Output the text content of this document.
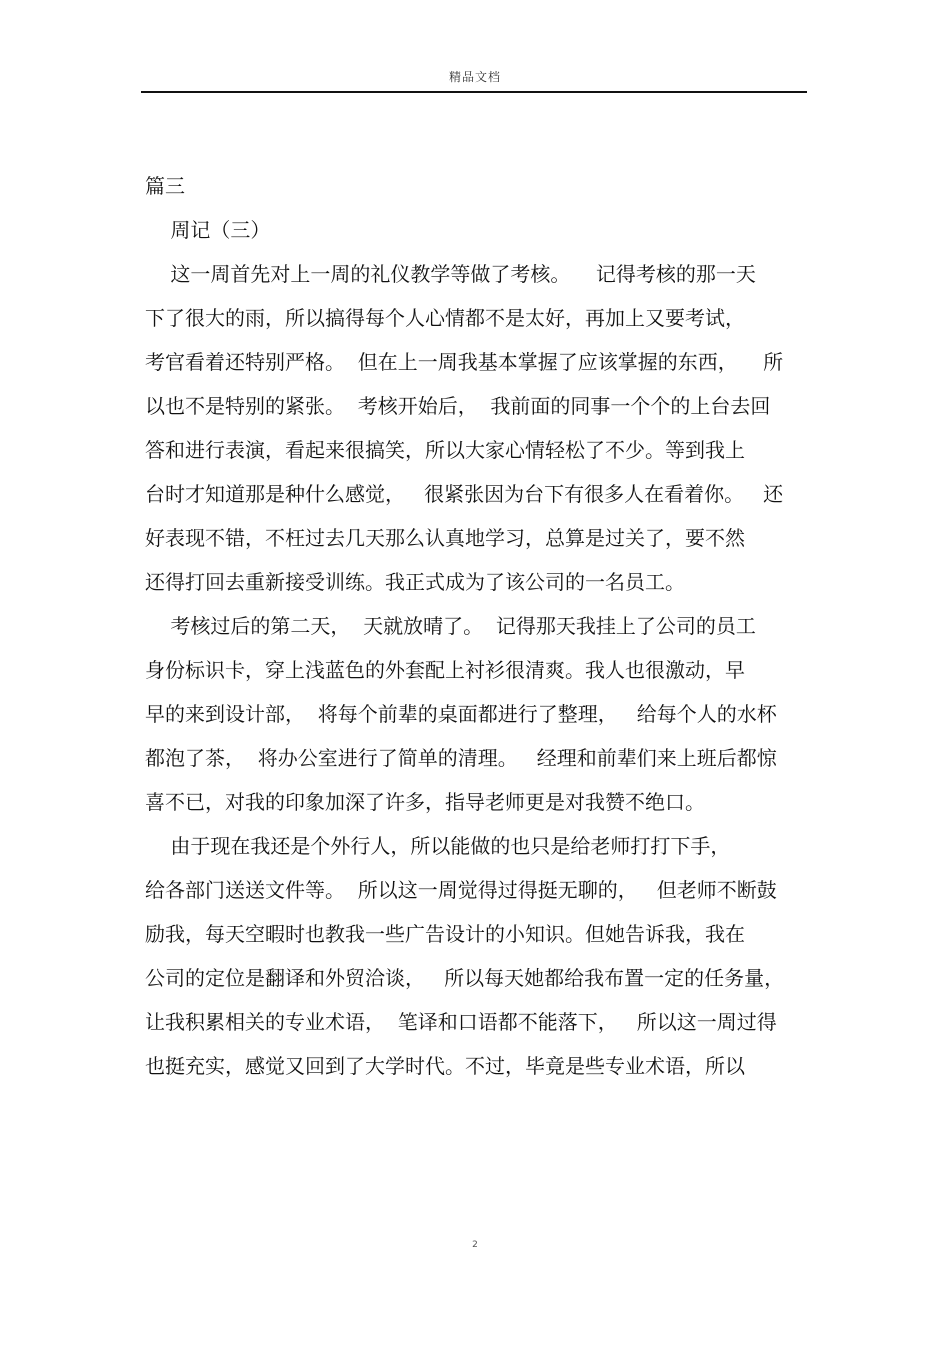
精品文档
篇三
周记（三）
这一周首先对上一周的礼仪教学等做了考核。    记得考核的那一天
下了很大的雨，所以搞得每个人心情都不是太好，再加上又要考试，
考官看着还特别严格。  但在上一周我基本掌握了应该掌握的东西，    所
以也不是特别的紧张。  考核开始后，  我前面的同事一个个的上台去回
答和进行表演，看起来很搞笑，所以大家心情轻松了不少。等到我上
台时才知道那是种什么感觉，   很紧张因为台下有很多人在看着你。   还
好表现不错，不枉过去几天那么认真地学习，总算是过关了，要不然
还得打回去重新接受训练。我正式成为了该公司的一名员工。
考核过后的第二天，  天就放晴了。  记得那天我挂上了公司的员工
身份标识卡，穿上浅蓝色的外套配上衬衫很清爽。我人也很激动，早
早的来到设计部，  将每个前辈的桌面都进行了整理，   给每个人的水杯
都泡了茶，  将办公室进行了简单的清理。   经理和前辈们来上班后都惊
喜不已，对我的印象加深了许多，指导老师更是对我赞不绝口。
由于现在我还是个外行人，所以能做的也只是给老师打打下手，
给各部门送送文件等。  所以这一周觉得过得挺无聊的，   但老师不断鼓
励我，每天空暇时也教我一些广告设计的小知识。但她告诉我，我在
公司的定位是翻译和外贸洽谈，   所以每天她都给我布置一定的任务量，
让我积累相关的专业术语，  笔译和口语都不能落下，   所以这一周过得
也挺充实，感觉又回到了大学时代。不过，毕竟是些专业术语，所以
2
